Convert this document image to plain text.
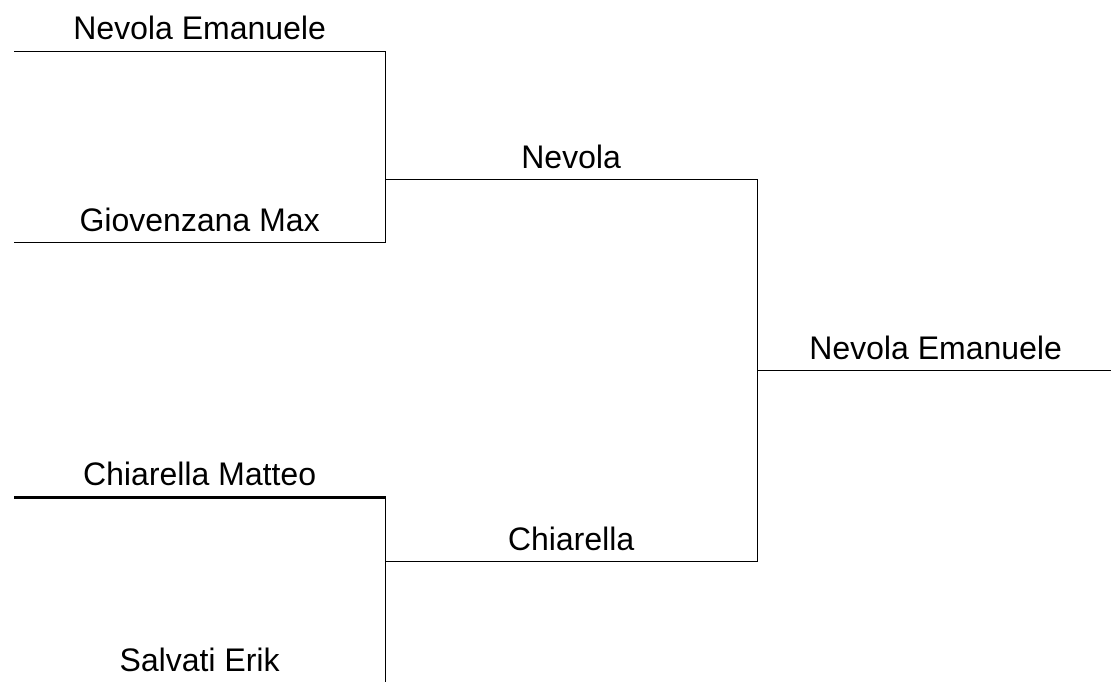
Nevola Emanuele
Giovenzana Max
Chiarella Matteo
Salvati Erik
Nevola
Chiarella
Nevola Emanuele
